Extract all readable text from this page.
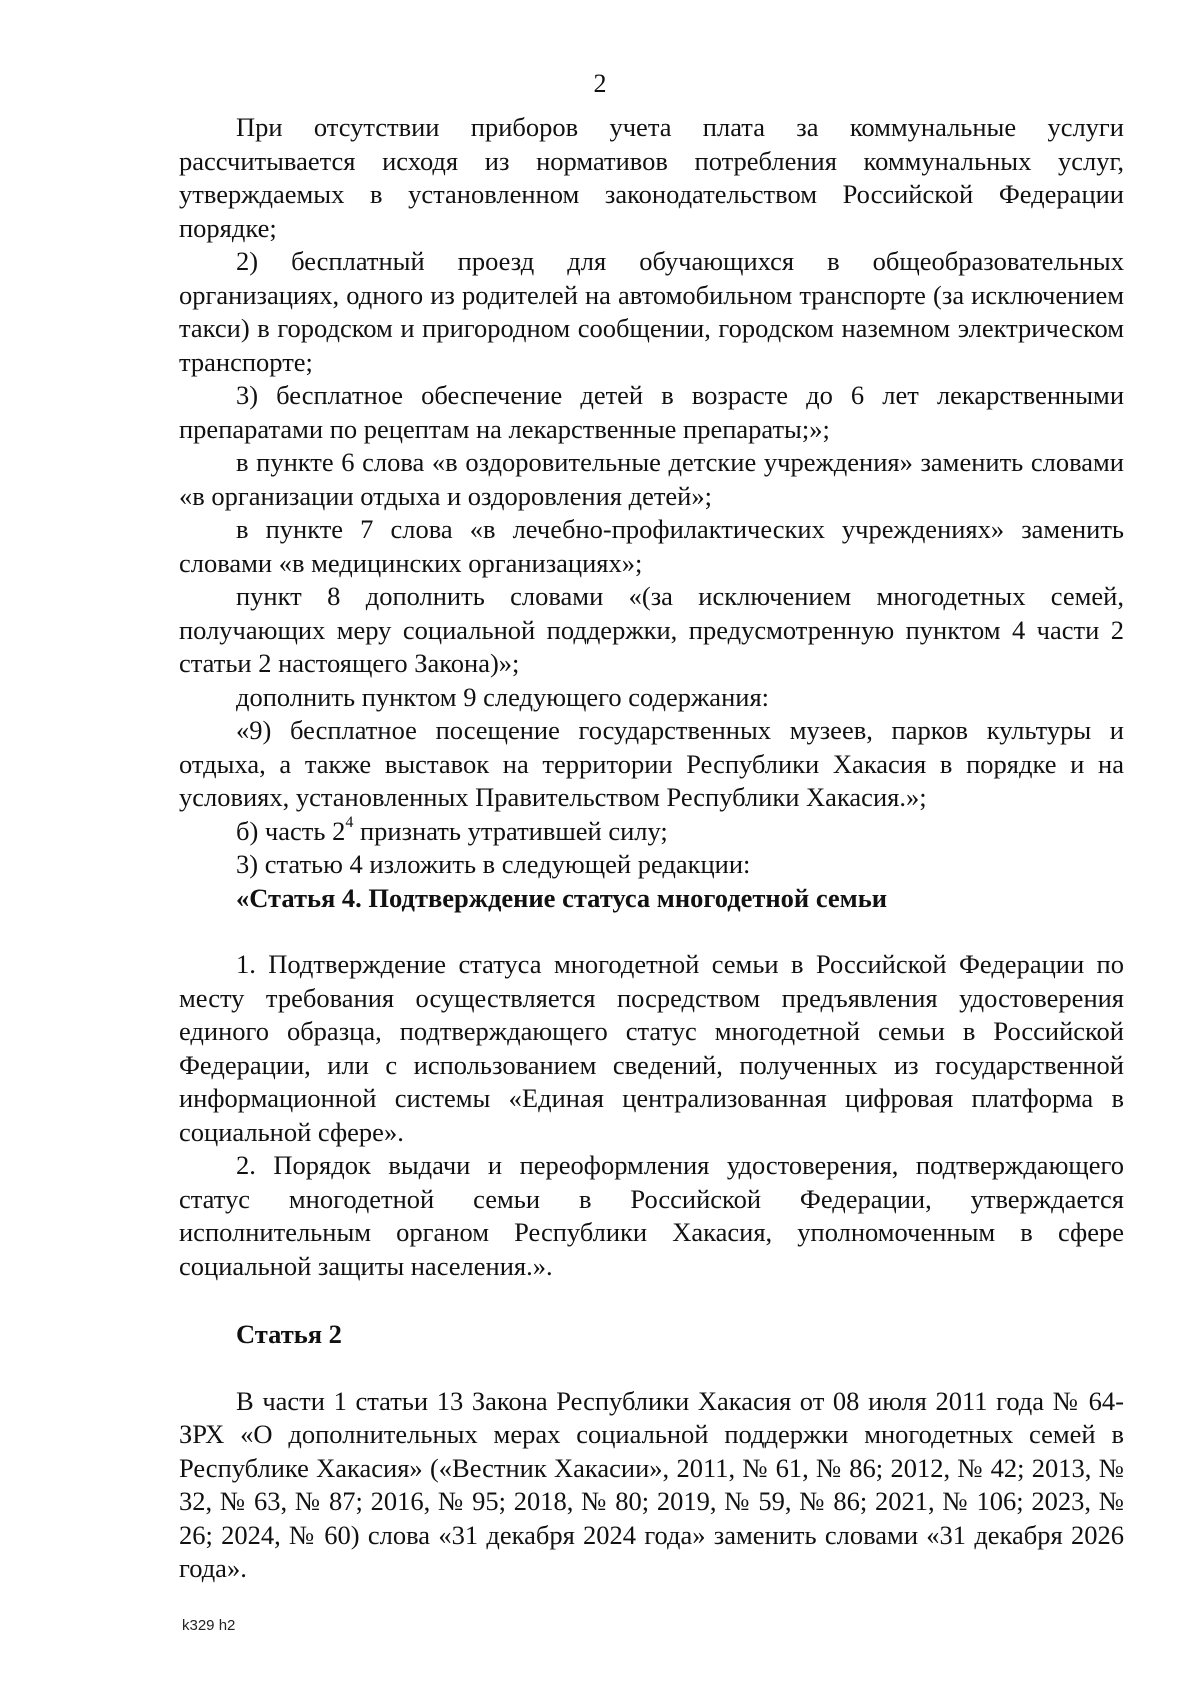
2

При отсутствии приборов учета плата за коммунальные услуги рассчитывается исходя из нормативов потребления коммунальных услуг, утверждаемых в установленном законодательством Российской Федерации порядке;

2) бесплатный проезд для обучающихся в общеобразовательных организациях, одного из родителей на автомобильном транспорте (за исключением такси) в городском и пригородном сообщении, городском наземном электрическом транспорте;

3) бесплатное обеспечение детей в возрасте до 6 лет лекарственными препаратами по рецептам на лекарственные препараты;»;

в пункте 6 слова «в оздоровительные детские учреждения» заменить словами «в организации отдыха и оздоровления детей»;

в пункте 7 слова «в лечебно-профилактических учреждениях» заменить словами «в медицинских организациях»;

пункт 8 дополнить словами «(за исключением многодетных семей, получающих меру социальной поддержки, предусмотренную пунктом 4 части 2 статьи 2 настоящего Закона)»;

дополнить пунктом 9 следующего содержания:

«9) бесплатное посещение государственных музеев, парков культуры и отдыха, а также выставок на территории Республики Хакасия в порядке и на условиях, установленных Правительством Республики Хакасия.»;

б) часть $2^4$ признать утратившей силу;

3) статью 4 изложить в следующей редакции:

«Статья 4. Подтверждение статуса многодетной семьи

1. Подтверждение статуса многодетной семьи в Российской Федерации по месту требования осуществляется посредством предъявления удостоверения единого образца, подтверждающего статус многодетной семьи в Российской Федерации, или с использованием сведений, полученных из государственной информационной системы «Единая централизованная цифровая платформа в социальной сфере».

2. Порядок выдачи и переоформления удостоверения, подтверждающего статус многодетной семьи в Российской Федерации, утверждается исполнительным органом Республики Хакасия, уполномоченным в сфере социальной защиты населения.».

Статья 2

В части 1 статьи 13 Закона Республики Хакасия от 08 июля 2011 года № 64-ЗРХ «О дополнительных мерах социальной поддержки многодетных семей в Республике Хакасия» («Вестник Хакасии», 2011, № 61, № 86; 2012, № 42; 2013, № 32, № 63, № 87; 2016, № 95; 2018, № 80; 2019, № 59, № 86; 2021, № 106; 2023, № 26; 2024, № 60) слова «31 декабря 2024 года» заменить словами «31 декабря 2026 года».

k329 h2
